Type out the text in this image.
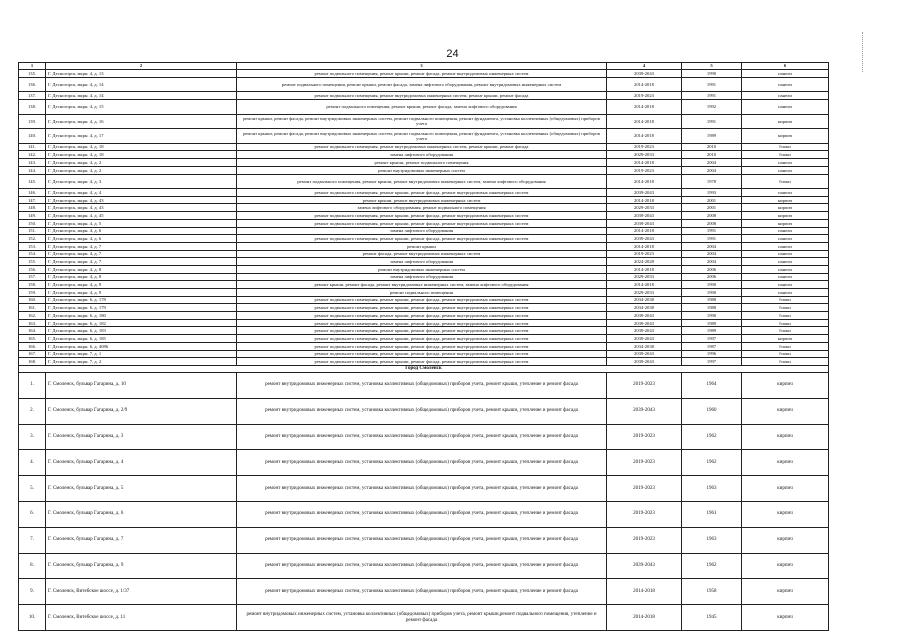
24
1	2	3	4	5	6
135.	Г. Десногорск, мкрн. 4, д. 13	ремонт подвального помещения, ремонт крыши, ремонт фасада, ремонт внутридомовых инженерных систем	2039-2043	1990	панели
136.	Г. Десногорск, мкрн. 4, д. 14	ремонт подвального помещения, ремонт крыши, ремонт фасада, замена лифтового оборудования, ремонт внутридомовых инженерных систем	2014-2018	1991	панели
137.	Г. Десногорск, мкрн. 4, д. 14	ремонт подвального помещения, ремонт внутридомовых инженерных систем, ремонт крыши, ремонт фасада	2019-2023	1991	панели
138.	Г. Десногорск, мкрн. 4, д. 15	ремонт подвального помещения, ремонт крыши, ремонт фасада, замена лифтового оборудования	2014-2018	1992	панели
139.	Г. Десногорск, мкрн. 4, д. 16	ремонт крыши, ремонт фасада, ремонт внутридомовых инженерных систем, ремонт подвального помещения, ремонт фундамента, установка коллективных (общедомовых) приборов учета	2014-2018	1991	кирпич
140.	Г. Десногорск, мкрн. 4, д. 17	ремонт крыши, ремонт фасада, ремонт внутридомовых инженерных систем, ремонт подвального помещения, ремонт фундамента, установка коллективных (общедомовых) приборов учета	2014-2018	1989	кирпич
141.	Г. Десногорск, мкрн. 4, д. 18	ремонт подвального помещения, ремонт внутридомовых инженерных систем, ремонт крыши, ремонт фасада	2019-2023	2010	блоки
142.	Г. Десногорск, мкрн. 4, д. 18	замена лифтового оборудования	2029-2033	2010	блоки
143.	Г. Десногорск, мкрн. 4, д. 2	ремонт крыши, ремонт подвального помещения	2014-2018	2004	панели
144.	Г. Десногорск, мкрн. 4, д. 2	ремонт внутридомовых инженерных систем	2019-2023	2004	панели
145.	Г. Десногорск, мкрн. 4, д. 3	ремонт подвального помещения, ремонт крыши, ремонт внутридомовых инженерных систем, замена лифтового оборудования	2014-2018	1978	блоки
146.	Г. Десногорск, мкрн. 4, д. 4	ремонт подвального помещения, ремонт крыши, ремонт фасада, ремонт внутридомовых инженерных систем	2039-2043	1993	панели
147.	Г. Десногорск, мкрн. 4, д. 43	ремонт крыши, ремонт внутридомовых инженерных систем	2014-2018	2001	кирпич
148.	Г. Десногорск, мкрн. 4, д. 43	замена лифтового оборудования, ремонт подвального помещения	2029-2033	2001	кирпич
149.	Г. Десногорск, мкрн. 4, д. 45	ремонт подвального помещения, ремонт крыши, ремонт фасада, ремонт внутридомовых инженерных систем	2039-2043	2008	кирпич
150.	Г. Десногорск, мкрн. 4, д. 5	ремонт подвального помещения, ремонт крыши, ремонт фасада, ремонт внутридомовых инженерных систем	2039-2043	2008	кирпич
151.	Г. Десногорск, мкрн. 4, д. 6	замена лифтового оборудования	2014-2018	1991	панели
152.	Г. Десногорск, мкрн. 4, д. 6	ремонт подвального помещения, ремонт крыши, ремонт фасада, ремонт внутридомовых инженерных систем	2039-2043	1991	панели
153.	Г. Десногорск, мкрн. 4, д. 7	ремонт крыши	2014-2018	2004	панели
154.	Г. Десногорск, мкрн. 4, д. 7	ремонт фасада, ремонт внутридомовых инженерных систем	2019-2023	2004	панели
155.	Г. Десногорск, мкрн. 4, д. 7	замена лифтового оборудования	2024-2028	2004	панели
156.	Г. Десногорск, мкрн. 4, д. 8	ремонт внутридомовых инженерных систем	2014-2018	2006	панели
157.	Г. Десногорск, мкрн. 4, д. 8	замена лифтового оборудования	2029-2033	2006	панели
158.	Г. Десногорск, мкрн. 4, д. 9	ремонт крыши, ремонт фасада, ремонт внутридомовых инженерных систем, замена лифтового оборудования	2014-2018	1990	панели
159.	Г. Десногорск, мкрн. 4, д. 9	ремонт подвального помещения	2029-2033	1990	панели
160.	Г. Десногорск, мкрн. 6, д. 178	ремонт подвального помещения, ремонт крыши, ремонт фасада, ремонт внутридомовых инженерных систем	2034-2038	1988	блоки
161.	Г. Десногорск, мкрн. 6, д. 179	ремонт подвального помещения, ремонт крыши, ремонт фасада, ремонт внутридомовых инженерных систем	2034-2038	1988	блоки
162.	Г. Десногорск, мкрн. 6, д. 180	ремонт подвального помещения, ремонт крыши, ремонт фасада, ремонт внутридомовых инженерных систем	2039-2043	1990	блоки
163.	Г. Десногорск, мкрн. 6, д. 182	ремонт подвального помещения, ремонт крыши, ремонт фасада, ремонт внутридомовых инженерных систем	2039-2043	1989	блоки
164.	Г. Десногорск, мкрн. 6, д. 183	ремонт подвального помещения, ремонт крыши, ремонт фасада, ремонт внутридомовых инженерных систем	2039-2043	1989	блоки
165.	Г. Десногорск, мкрн. 6, д. 185	ремонт подвального помещения, ремонт крыши, ремонт фасада, ремонт внутридомовых инженерных систем	2039-2043	1997	кирпич
166.	Г. Десногорск, мкрн. 6, д. 4086	ремонт подвального помещения, ремонт крыши, ремонт фасада, ремонт внутридомовых инженерных систем	2034-2038	1987	блоки
167.	Г. Десногорск, мкрн. 7, д. 1	ремонт подвального помещения, ремонт крыши, ремонт фасада, ремонт внутридомовых инженерных систем	2039-2043	1996	блоки
168.	Г. Десногорск, мкрн. 7, д. 2	ремонт подвального помещения, ремонт крыши, ремонт фасада, ремонт внутридомовых инженерных систем	2039-2043	1997	блоки
Город Смоленск					
1.	Г. Смоленск, бульвар Гагарина, д. 10	ремонт внутридомовых инженерных систем, установка коллективных (общедомовых) приборов учета, ремонт крыши, утепление и ремонт фасада	2019-2023	1964	кирпич
2.	Г. Смоленск, бульвар Гагарина, д. 2/9	ремонт внутридомовых инженерных систем, установка коллективных (общедомовых) приборов учета, ремонт крыши, утепление и ремонт фасада	2039-2043	1960	кирпич
3.	Г. Смоленск, бульвар Гагарина, д. 3	ремонт внутридомовых инженерных систем, установка коллективных (общедомовых) приборов учета, ремонт крыши, утепление и ремонт фасада	2019-2023	1962	кирпич
4.	Г. Смоленск, бульвар Гагарина, д. 4	ремонт внутридомовых инженерных систем, установка коллективных (общедомовых) приборов учета, ремонт крыши, утепление и ремонт фасада	2019-2023	1962	кирпич
5.	Г. Смоленск, бульвар Гагарина, д. 5	ремонт внутридомовых инженерных систем, установка коллективных (общедомовых) приборов учета, ремонт крыши, утепление и ремонт фасада	2019-2023	1963	кирпич
6.	Г. Смоленск, бульвар Гагарина, д. 6	ремонт внутридомовых инженерных систем, установка коллективных (общедомовых) приборов учета, ремонт крыши, утепление и ремонт фасада	2019-2023	1961	кирпич
7.	Г. Смоленск, бульвар Гагарина, д. 7	ремонт внутридомовых инженерных систем, установка коллективных (общедомовых) приборов учета, ремонт крыши, утепление и ремонт фасада	2019-2023	1963	кирпич
8.	Г. Смоленск, бульвар Гагарина, д. 9	ремонт внутридомовых инженерных систем, установка коллективных (общедомовых) приборов учета, ремонт крыши, утепление и ремонт фасада	2039-2043	1962	кирпич
9.	Г. Смоленск, Витебское шоссе, д. 1/37	ремонт внутридомовых инженерных систем, установка коллективных (общедомовых) приборов учета, ремонт крыши, утепление и ремонт фасада	2014-2018	1958	кирпич
10.	Г. Смоленск, Витебское шоссе, д. 11	ремонт внутридомовых инженерных систем, установка коллективных (общедомовых) приборов учета, ремонт крыши,ремонт подвального помещения, утепление и ремонт фасада	2014-2018	1945	кирпич
